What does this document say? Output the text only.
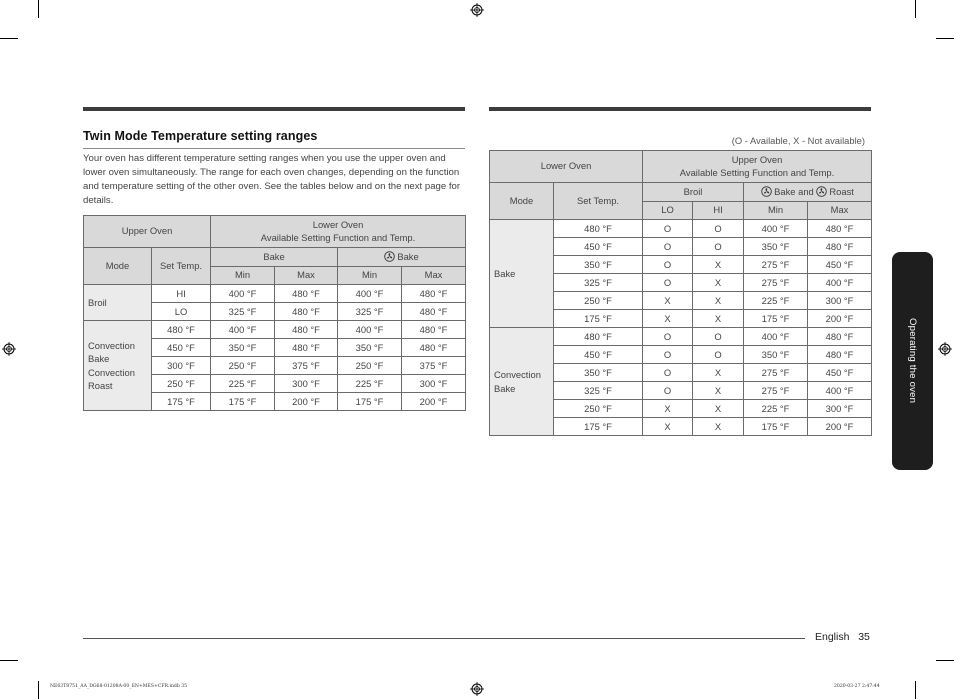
Twin Mode Temperature setting ranges
Your oven has different temperature setting ranges when you use the upper oven and lower oven simultaneously. The range for each oven changes, depending on the function and temperature setting of the other oven. See the tables below and on the next page for details.
Upper Oven		Lower Oven
Available Setting Function and Temp.			

Mode	Set Temp.	Bake		Bake	
		Min	Max	Min	Max
Broil	HI	400 °F	480 °F	400 °F	480 °F
	LO	325 °F	480 °F	325 °F	480 °F
Convection Bake Convection Roast	480 °F	400 °F	480 °F	400 °F	480 °F
	450 °F	350 °F	480 °F	350 °F	480 °F
	300 °F	250 °F	375 °F	250 °F	375 °F
	250 °F	225 °F	300 °F	225 °F	300 °F
	175 °F	175 °F	200 °F	175 °F	200 °F
(O - Available, X - Not available)
Lower Oven		Upper Oven
Available Setting Function and Temp.			

Mode	Set Temp.	Broil		Bake and Roast	
		LO	HI	Min	Max
Bake	480 °F	O	O	400 °F	480 °F
	450 °F	O	O	350 °F	480 °F
	350 °F	O	X	275 °F	450 °F
	325 °F	O	X	275 °F	400 °F
	250 °F	X	X	225 °F	300 °F
	175 °F	X	X	175 °F	200 °F
Convection Bake	480 °F	O	O	400 °F	480 °F
	450 °F	O	O	350 °F	480 °F
	350 °F	O	X	275 °F	450 °F
	325 °F	O	X	275 °F	400 °F
	250 °F	X	X	225 °F	300 °F
	175 °F	X	X	175 °F	200 °F
Operating the oven
English 35
NE63T8751_AA_DG68-01208A-00_EN+MES+CFR.indb 35	2020-03-27 2:47:44
